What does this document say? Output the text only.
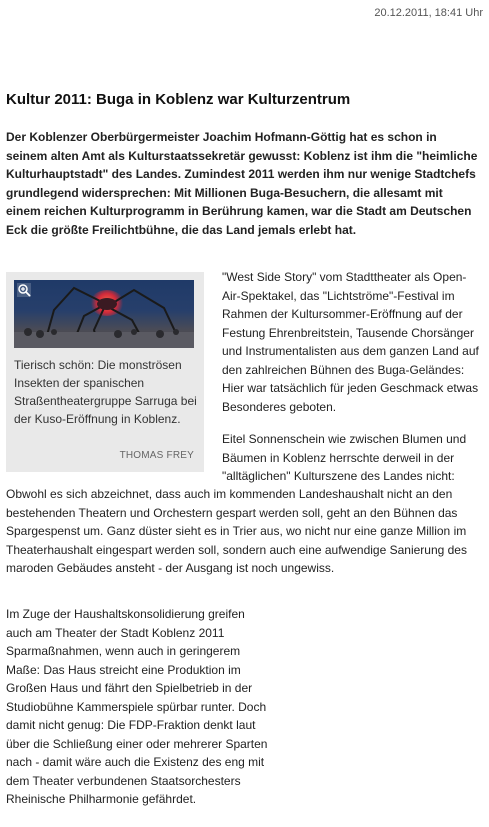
20.12.2011, 18:41 Uhr
Kultur 2011: Buga in Koblenz war Kulturzentrum

Der Koblenzer Oberbürgermeister Joachim Hofmann-Göttig hat es schon in seinem alten Amt als Kulturstaatssekretär gewusst: Koblenz ist ihm die "heimliche Kulturhauptstadt" des Landes. Zumindest 2011 werden ihm nur wenige Stadtchefs grundlegend widersprechen: Mit Millionen Buga-Besuchern, die allesamt mit einem reichen Kulturprogramm in Berührung kamen, war die Stadt am Deutschen Eck die größte Freilichtbühne, die das Land jemals erlebt hat.

Tierisch schön: Die monströsen Insekten der spanischen Straßentheatergruppe Sarruga bei der Kuso-Eröffnung in Koblenz.
THOMAS FREY

"West Side Story" vom Stadttheater als Open-Air-Spektakel, das "Lichtströme"-Festival im Rahmen der Kultursommer-Eröffnung auf der Festung Ehrenbreitstein, Tausende Chorsänger und Instrumentalisten aus dem ganzen Land auf den zahlreichen Bühnen des Buga-Geländes: Hier war tatsächlich für jeden Geschmack etwas Besonderes geboten.

Eitel Sonnenschein wie zwischen Blumen und Bäumen in Koblenz herrschte derweil in der "alltäglichen" Kulturszene des Landes nicht:

Obwohl es sich abzeichnet, dass auch im kommenden Landeshaushalt nicht an den bestehenden Theatern und Orchestern gespart werden soll, geht an den Bühnen das Spargespenst um. Ganz düster sieht es in Trier aus, wo nicht nur eine ganze Million im Theaterhaushalt eingespart werden soll, sondern auch eine aufwendige Sanierung des maroden Gebäudes ansteht - der Ausgang ist noch ungewiss.

Im Zuge der Haushaltskonsolidierung greifen auch am Theater der Stadt Koblenz 2011 Sparmaßnahmen, wenn auch in geringerem Maße: Das Haus streicht eine Produktion im Großen Haus und fährt den Spielbetrieb in der Studiobühne Kammerspiele spürbar runter. Doch damit nicht genug: Die FDP-Fraktion denkt laut über die Schließung einer oder mehrerer Sparten nach - damit wäre auch die Existenz des eng mit dem Theater verbundenen Staatsorchesters Rheinische Philharmonie gefährdet.
